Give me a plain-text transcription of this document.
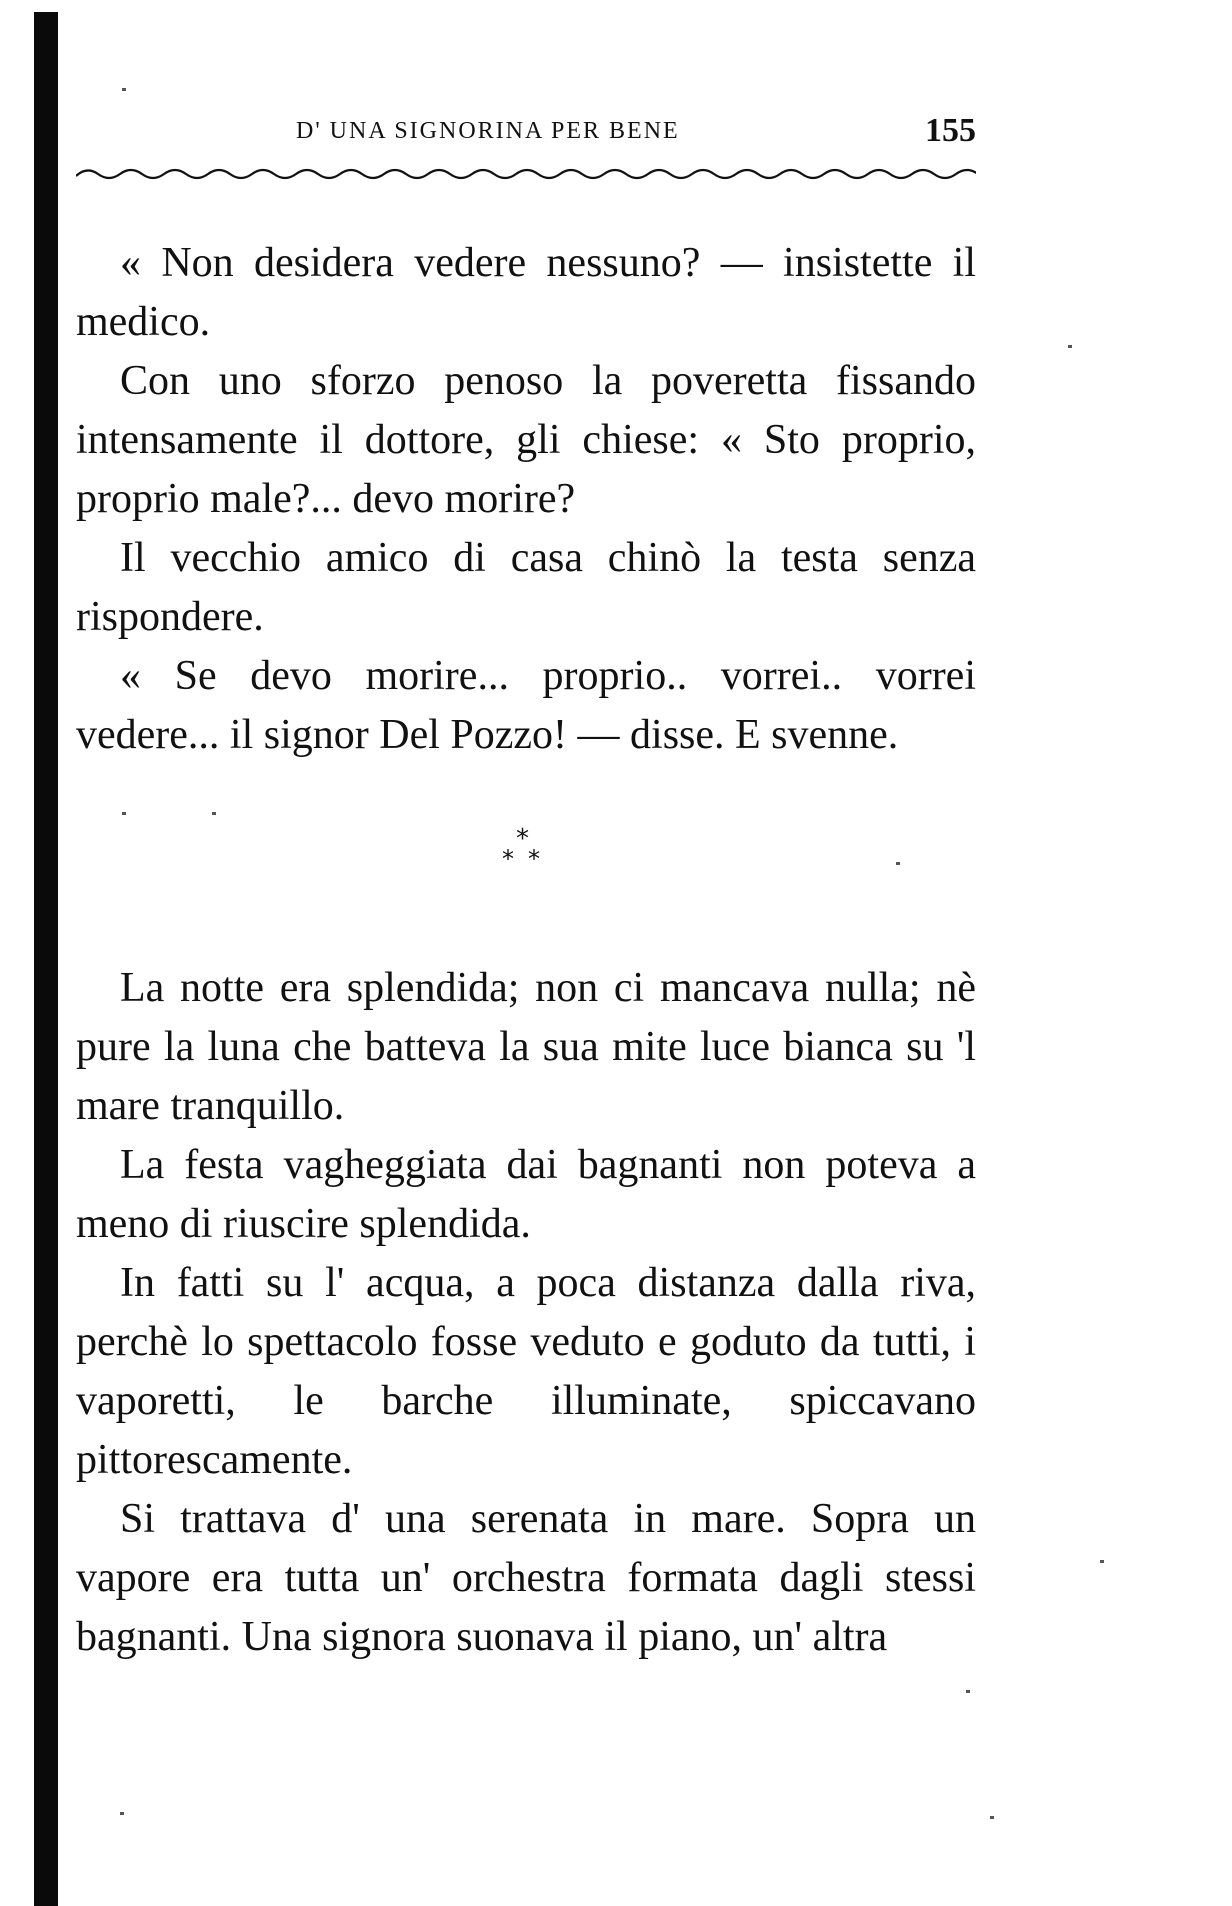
D' UNA SIGNORINA PER BENE	155

« Non desidera vedere nessuno? — insistette il medico.

Con uno sforzo penoso la poveretta fissando intensamente il dottore, gli chiese: « Sto proprio, proprio male?... devo morire?

Il vecchio amico di casa chinò la testa senza rispondere.

« Se devo morire... proprio.. vorrei.. vorrei vedere... il signor Del Pozzo! — disse. E svenne.

*
* *

La notte era splendida; non ci mancava nulla; nè pure la luna che batteva la sua mite luce bianca su 'l mare tranquillo.

La festa vagheggiata dai bagnanti non poteva a meno di riuscire splendida.

In fatti su l' acqua, a poca distanza dalla riva, perchè lo spettacolo fosse veduto e goduto da tutti, i vaporetti, le barche illuminate, spiccavano pittorescamente.

Si trattava d' una serenata in mare. Sopra un vapore era tutta un' orchestra formata dagli stessi bagnanti. Una signora suonava il piano, un' altra
